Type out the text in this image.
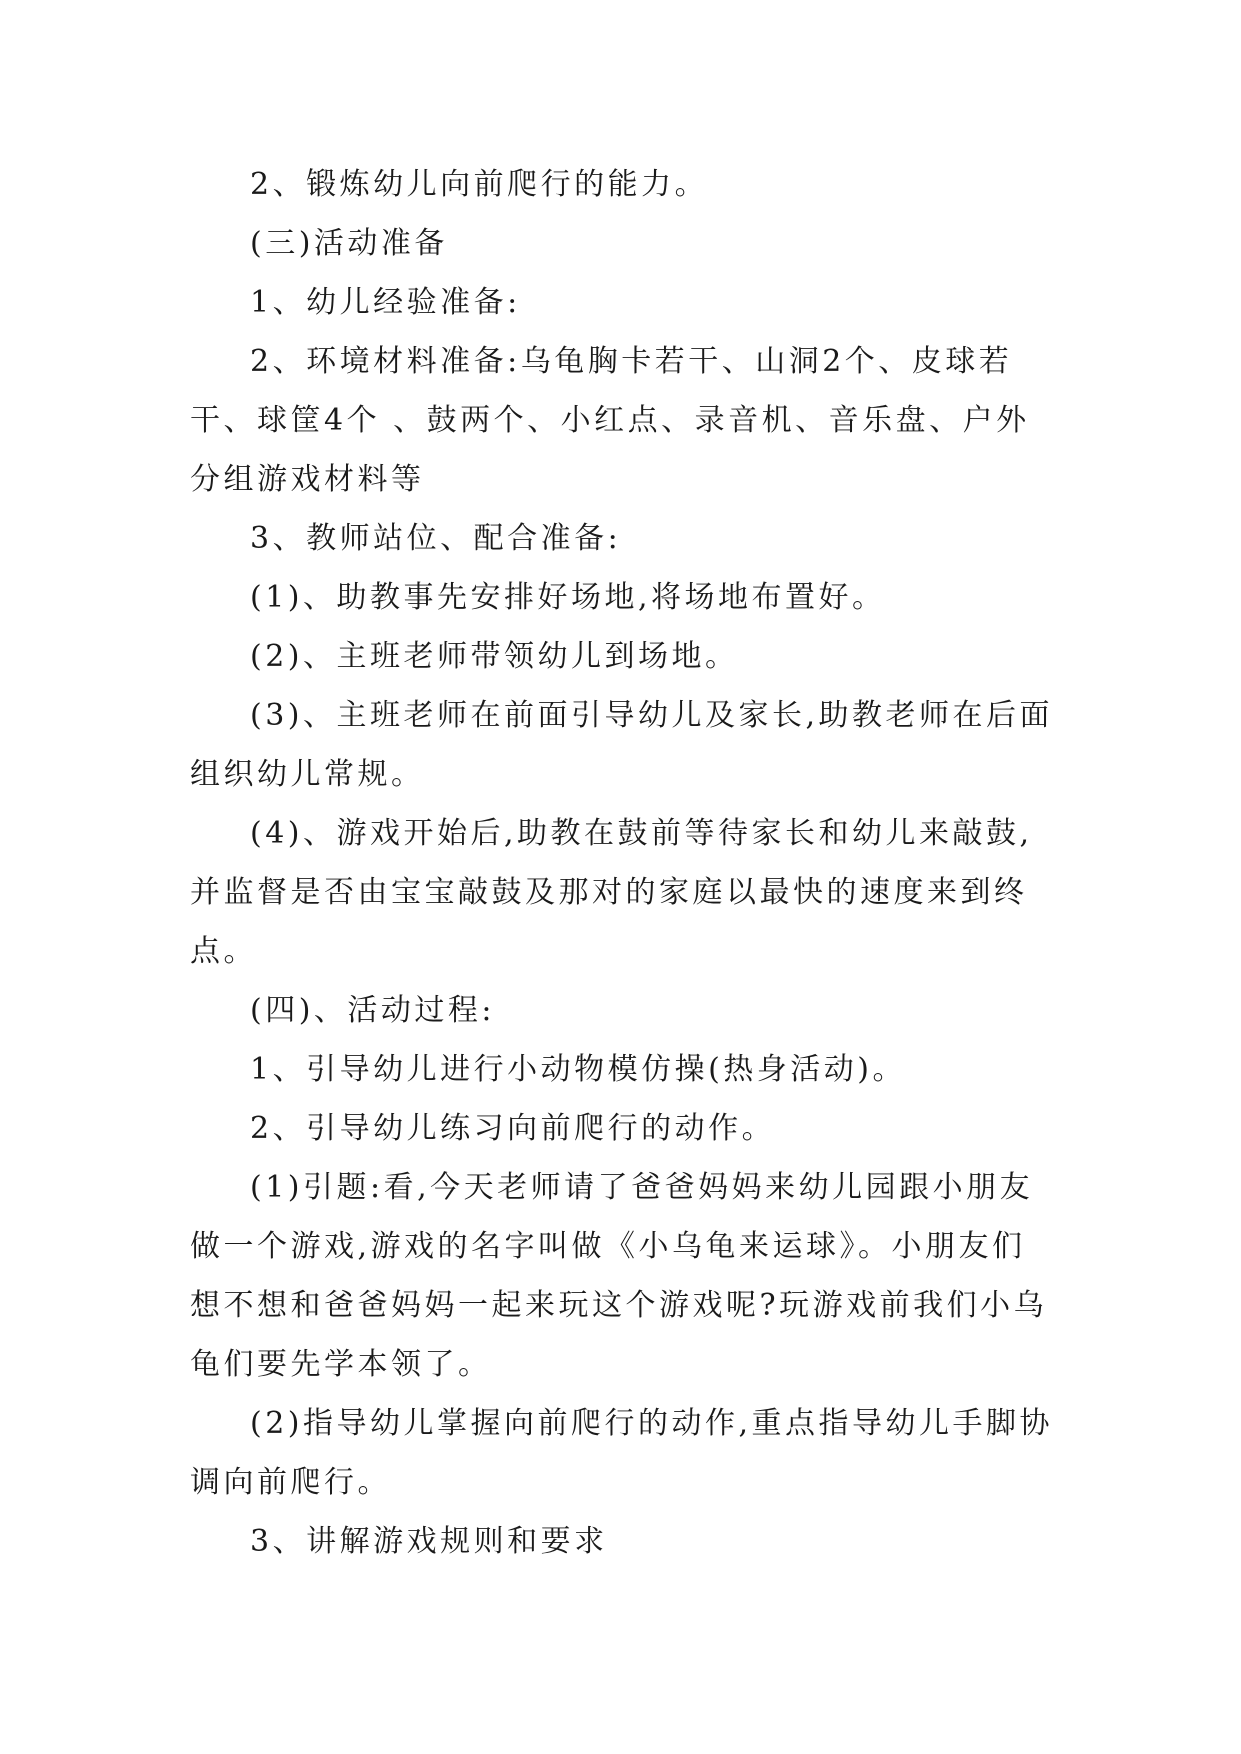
2、锻炼幼儿向前爬行的能力。

(三)活动准备

1、幼儿经验准备:

2、环境材料准备:乌龟胸卡若干、山洞2个、皮球若干、球筐4个 、鼓两个、小红点、录音机、音乐盘、户外分组游戏材料等

3、教师站位、配合准备:

(1)、助教事先安排好场地,将场地布置好。

(2)、主班老师带领幼儿到场地。

(3)、主班老师在前面引导幼儿及家长,助教老师在后面组织幼儿常规。

(4)、游戏开始后,助教在鼓前等待家长和幼儿来敲鼓,并监督是否由宝宝敲鼓及那对的家庭以最快的速度来到终点。

(四)、活动过程:

1、引导幼儿进行小动物模仿操(热身活动)。

2、引导幼儿练习向前爬行的动作。

(1)引题:看,今天老师请了爸爸妈妈来幼儿园跟小朋友做一个游戏,游戏的名字叫做《小乌龟来运球》。小朋友们想不想和爸爸妈妈一起来玩这个游戏呢?玩游戏前我们小乌龟们要先学本领了。

(2)指导幼儿掌握向前爬行的动作,重点指导幼儿手脚协调向前爬行。

3、讲解游戏规则和要求
